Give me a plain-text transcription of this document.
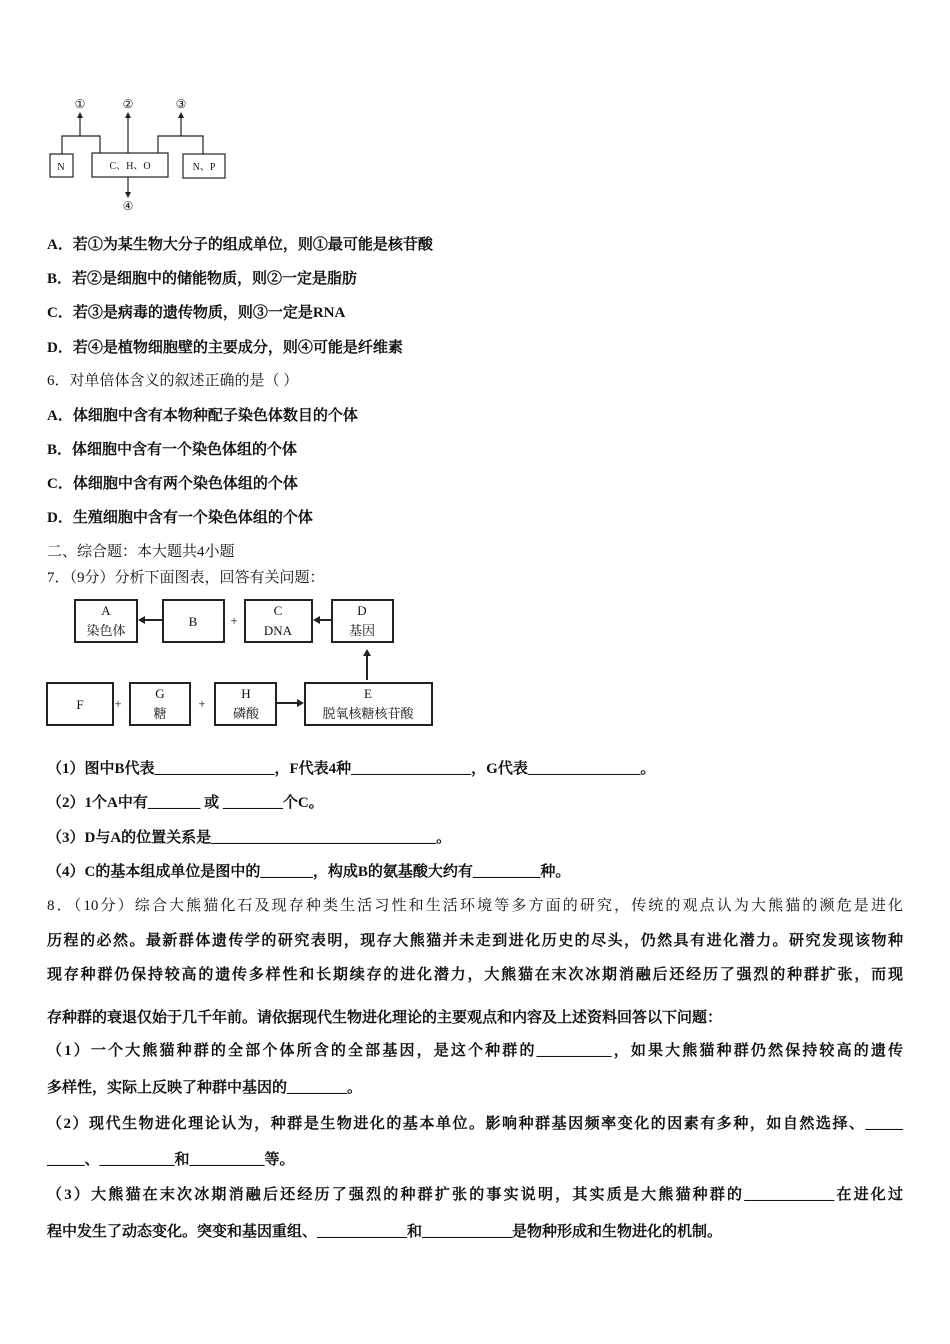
①	②	③
④
N	C、H、O	N、P
A．若①为某生物大分子的组成单位，则①最可能是核苷酸
B．若②是细胞中的储能物质，则②一定是脂肪
C．若③是病毒的遗传物质，则③一定是RNA
D．若④是植物细胞壁的主要成分，则④可能是纤维素
6．对单倍体含义的叙述正确的是（ ）
A．体细胞中含有本物种配子染色体数目的个体
B．体细胞中含有一个染色体组的个体
C．体细胞中含有两个染色体组的个体
D．生殖细胞中含有一个染色体组的个体
二、综合题：本大题共4小题
7．（9分）分析下面图表，回答有关问题：
A
染色体
B	+
C
DNA
D
基因
F +
G
糖
+
H
磷酸
E
脱氧核糖核苷酸
（1）图中B代表________________，F代表4种________________，G代表_______________。
（2）1个A中有_______ 或 ________个C。
（3）D与A的位置关系是______________________________。
（4）C的基本组成单位是图中的_______，构成B的氨基酸大约有_________种。
8．（10分）综合大熊猫化石及现存种类生活习性和生活环境等多方面的研究，传统的观点认为大熊猫的濒危是进化
历程的必然。最新群体遗传学的研究表明，现存大熊猫并未走到进化历史的尽头，仍然具有进化潜力。研究发现该物种
现存种群仍保持较高的遗传多样性和长期续存的进化潜力，大熊猫在末次冰期消融后还经历了强烈的种群扩张，而现
存种群的衰退仅始于几千年前。请依据现代生物进化理论的主要观点和内容及上述资料回答以下问题：
（1）一个大熊猫种群的全部个体所含的全部基因，是这个种群的__________，如果大熊猫种群仍然保持较高的遗传
多样性，实际上反映了种群中基因的________。
（2）现代生物进化理论认为，种群是生物进化的基本单位。影响种群基因频率变化的因素有多种，如自然选择、_____
_____、__________和__________等。
（3）大熊猫在末次冰期消融后还经历了强烈的种群扩张的事实说明，其实质是大熊猫种群的____________在进化过
程中发生了动态变化。突变和基因重组、____________和____________是物种形成和生物进化的机制。
